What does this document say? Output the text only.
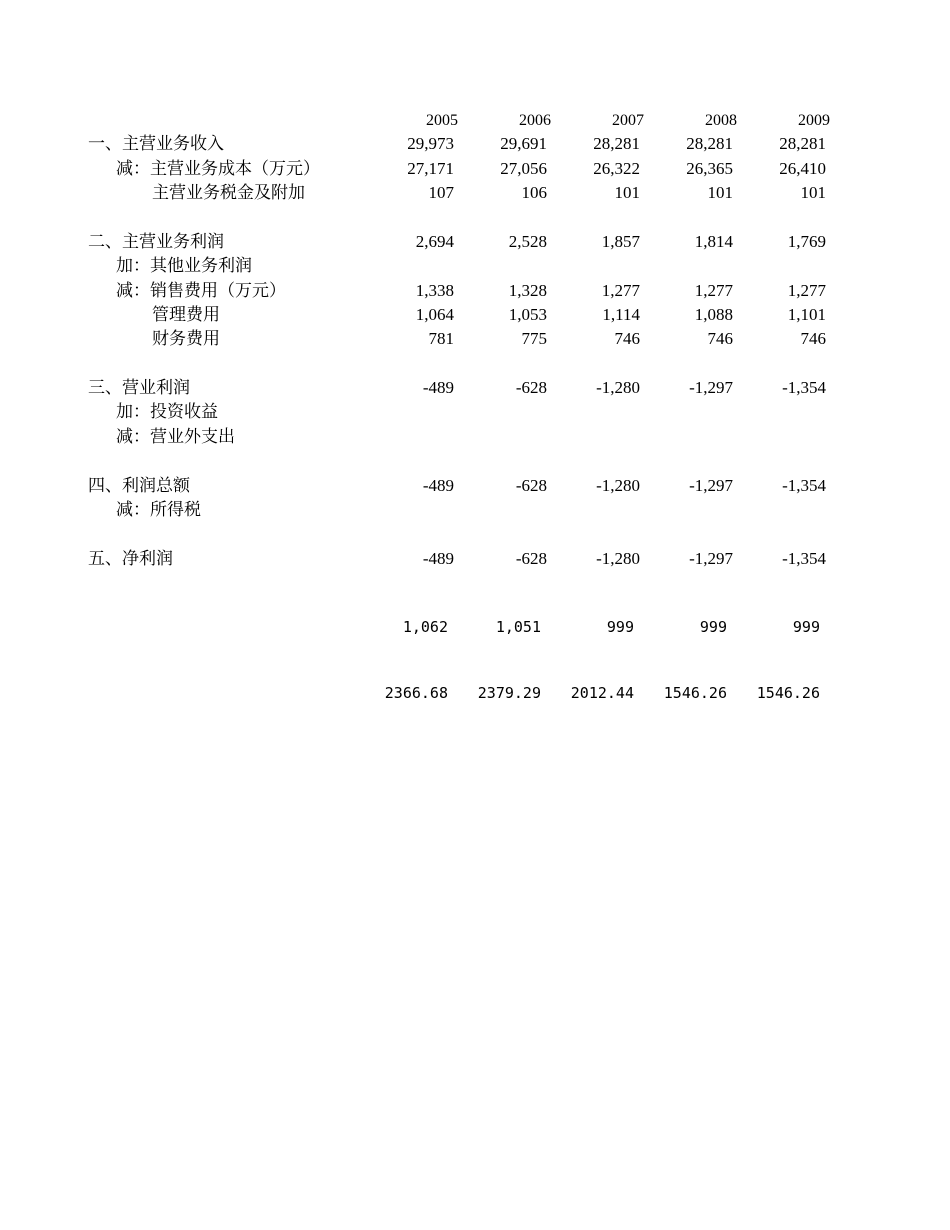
2005	2006	2007	2008	2009
一、主营业务收入	29,973	29,691	28,281	28,281	28,281
减：主营业务成本（万元）	27,171	27,056	26,322	26,365	26,410
主营业务税金及附加	107	106	101	101	101
二、主营业务利润	2,694	2,528	1,857	1,814	1,769
加：其他业务利润
减：销售费用（万元）	1,338	1,328	1,277	1,277	1,277
管理费用	1,064	1,053	1,114	1,088	1,101
财务费用	781	775	746	746	746
三、营业利润	-489	-628	-1,280	-1,297	-1,354
加：投资收益
减：营业外支出
四、利润总额	-489	-628	-1,280	-1,297	-1,354
减：所得税
五、净利润	-489	-628	-1,280	-1,297	-1,354
1,062	1,051	999	999	999
2366.68	2379.29	2012.44	1546.26	1546.26
